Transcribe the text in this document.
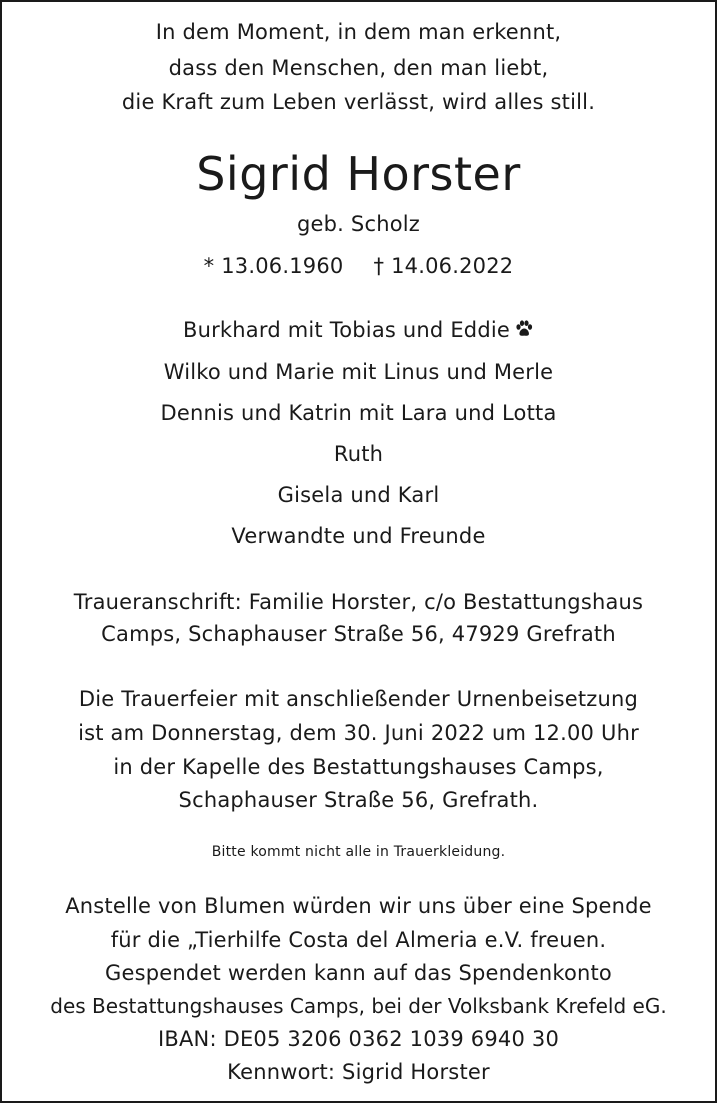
In dem Moment, in dem man erkennt,
dass den Menschen, den man liebt,
die Kraft zum Leben verlässt, wird alles still.
Sigrid Horster
geb. Scholz
* 13.06.1960 † 14.06.2022
Burkhard mit Tobias und Eddie
Wilko und Marie mit Linus und Merle
Dennis und Katrin mit Lara und Lotta
Ruth
Gisela und Karl
Verwandte und Freunde
Traueranschrift: Familie Horster, c/o Bestattungshaus
Camps, Schaphauser Straße 56, 47929 Grefrath
Die Trauerfeier mit anschließender Urnenbeisetzung
ist am Donnerstag, dem 30. Juni 2022 um 12.00 Uhr
in der Kapelle des Bestattungshauses Camps,
Schaphauser Straße 56, Grefrath.
Bitte kommt nicht alle in Trauerkleidung.
Anstelle von Blumen würden wir uns über eine Spende
für die „Tierhilfe Costa del Almeria e.V. freuen.
Gespendet werden kann auf das Spendenkonto
des Bestattungshauses Camps, bei der Volksbank Krefeld eG.
IBAN: DE05 3206 0362 1039 6940 30
Kennwort: Sigrid Horster
